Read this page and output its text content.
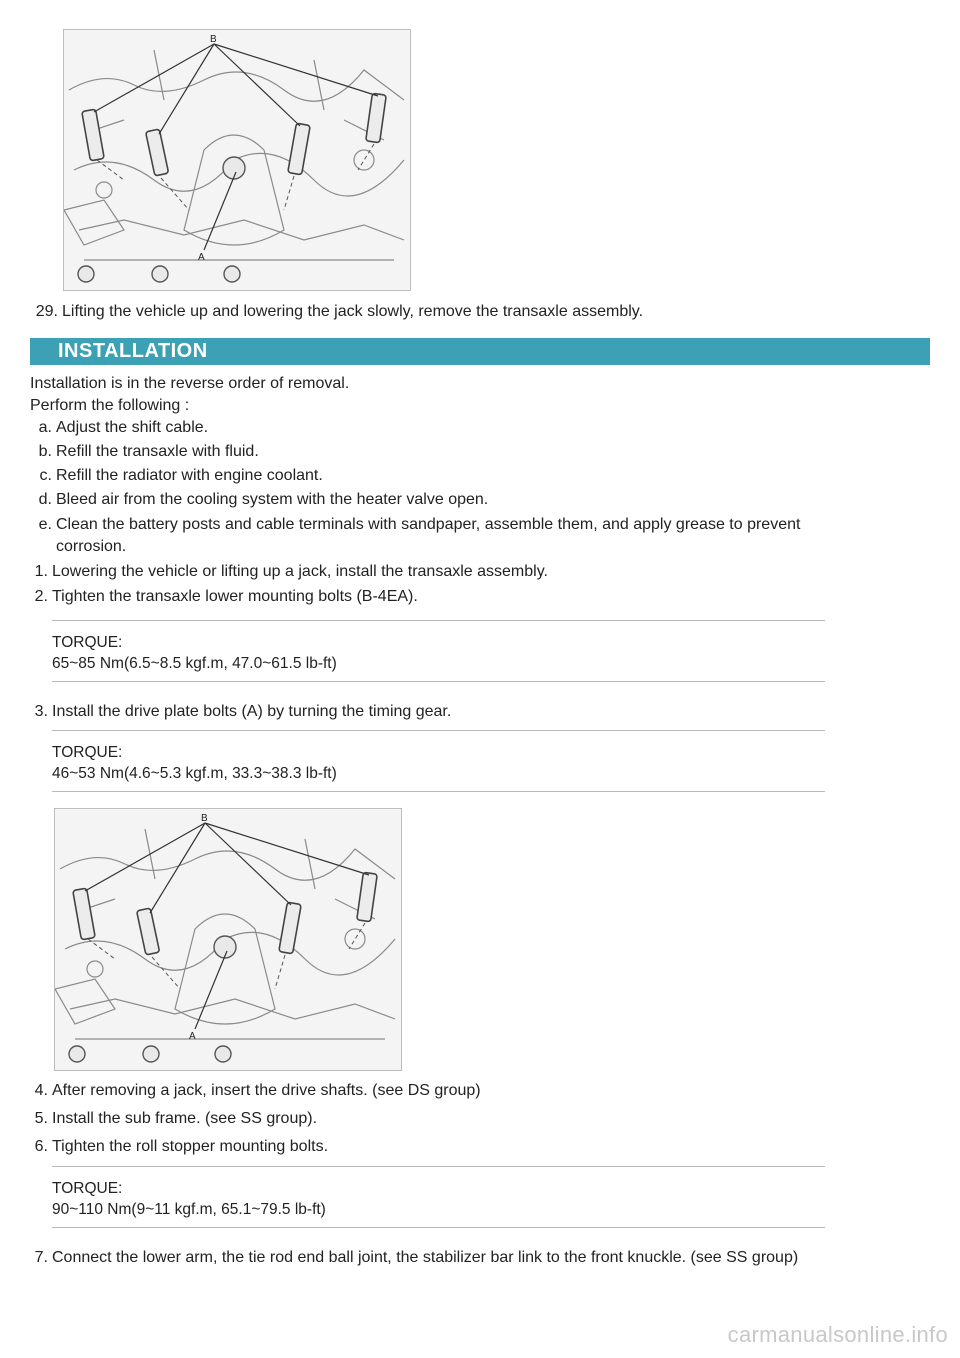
B
A
29. Lifting the vehicle up and lowering the jack slowly, remove the transaxle assembly.
INSTALLATION
Installation is in the reverse order of removal.
Perform the following :
a. Adjust the shift cable.
b. Refill the transaxle with fluid.
c. Refill the radiator with engine coolant.
d. Bleed air from the cooling system with the heater valve open.
e. Clean the battery posts and cable terminals with sandpaper, assemble them, and apply grease to prevent
corrosion.
1. Lowering the vehicle or lifting up a jack, install the transaxle assembly.
2. Tighten the transaxle lower mounting bolts (B-4EA).
TORQUE:
65~85 Nm(6.5~8.5 kgf.m, 47.0~61.5 lb-ft)
3. Install the drive plate bolts (A) by turning the timing gear.
TORQUE:
46~53 Nm(4.6~5.3 kgf.m, 33.3~38.3 lb-ft)
B
A
4. After removing a jack, insert the drive shafts. (see DS group)
5. Install the sub frame. (see SS group).
6. Tighten the roll stopper mounting bolts.
TORQUE:
90~110 Nm(9~11 kgf.m, 65.1~79.5 lb-ft)
7. Connect the lower arm, the tie rod end ball joint, the stabilizer bar link to the front knuckle. (see SS group)
carmanualsonline.info
